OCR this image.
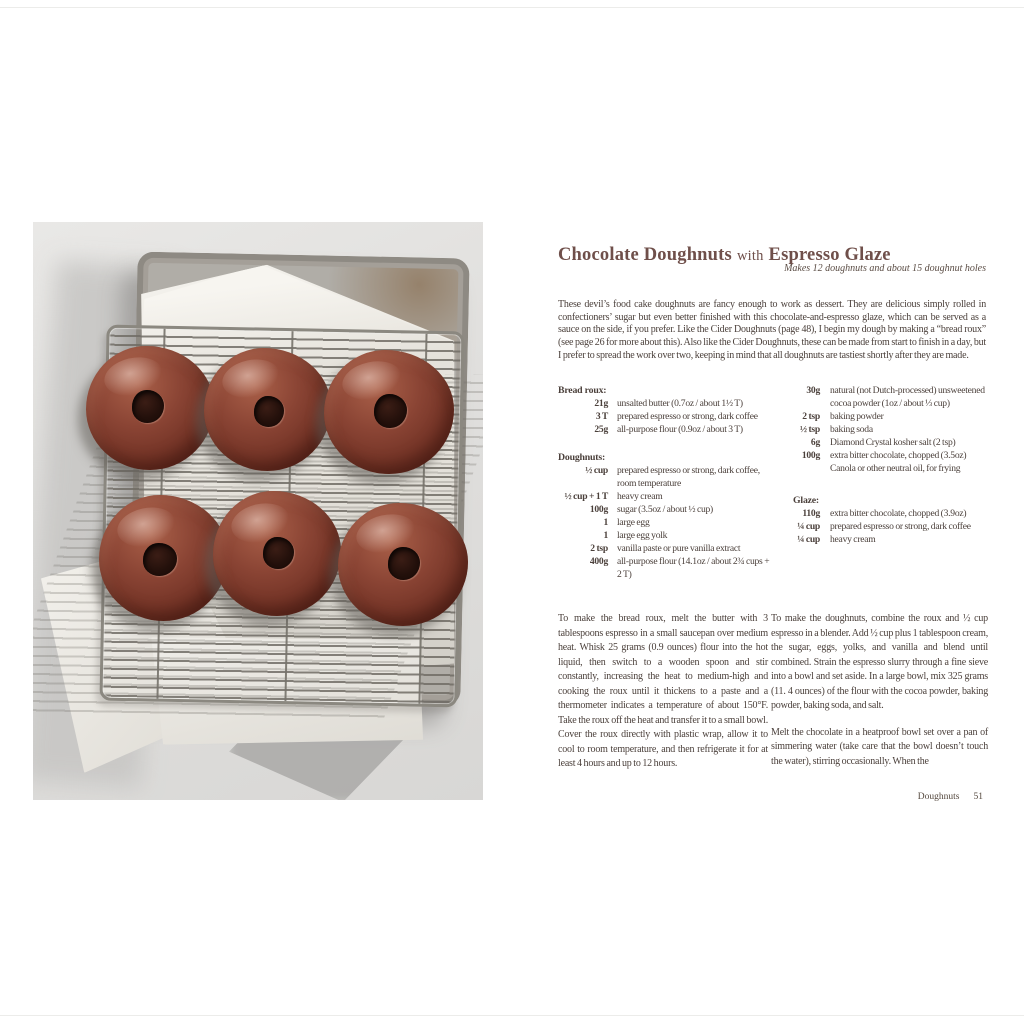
Chocolate Doughnuts with Espresso Glaze
Makes 12 doughnuts and about 15 doughnut holes

These devil’s food cake doughnuts are fancy enough to work as dessert. They are delicious simply rolled in confectioners’ sugar but even better finished with this chocolate-and-espresso glaze, which can be served as a sauce on the side, if you prefer. Like the Cider Doughnuts (page 48), I begin my dough by making a “bread roux” (see page 26 for more about this). Also like the Cider Doughnuts, these can be made from start to finish in a day, but I prefer to spread the work over two, keeping in mind that all doughnuts are tastiest shortly after they are made.

Bread roux:
21g unsalted butter (0.7oz / about 1½ T)
3 T prepared espresso or strong, dark coffee
25g all-purpose flour (0.9oz / about 3 T)
Doughnuts:
½ cup prepared espresso or strong, dark coffee, room temperature
½ cup + 1 T heavy cream
100g sugar (3.5oz / about ½ cup)
1 large egg
1 large egg yolk
2 tsp vanilla paste or pure vanilla extract
400g all-purpose flour (14.1oz / about 2¾ cups + 2 T)
30g natural (not Dutch-processed) unsweetened cocoa powder (1oz / about ⅓ cup)
2 tsp baking powder
½ tsp baking soda
6g Diamond Crystal kosher salt (2 tsp)
100g extra bitter chocolate, chopped (3.5oz)
Canola or other neutral oil, for frying
Glaze:
110g extra bitter chocolate, chopped (3.9oz)
¼ cup prepared espresso or strong, dark coffee
¼ cup heavy cream

To make the bread roux, melt the butter with 3 tablespoons espresso in a small saucepan over medium heat. Whisk 25 grams (0.9 ounces) flour into the hot liquid, then switch to a wooden spoon and stir constantly, increasing the heat to medium-high and cooking the roux until it thickens to a paste and a thermometer indicates a temperature of about 150°F. Take the roux off the heat and transfer it to a small bowl. Cover the roux directly with plastic wrap, allow it to cool to room temperature, and then refrigerate it for at least 4 hours and up to 12 hours.

To make the doughnuts, combine the roux and ½ cup espresso in a blender. Add ½ cup plus 1 tablespoon cream, the sugar, eggs, yolks, and vanilla and blend until combined. Strain the espresso slurry through a fine sieve into a bowl and set aside. In a large bowl, mix 325 grams (11. 4 ounces) of the flour with the cocoa powder, baking powder, baking soda, and salt.

Melt the chocolate in a heatproof bowl set over a pan of simmering water (take care that the bowl doesn’t touch the water), stirring occasionally. When the

Doughnuts 51
